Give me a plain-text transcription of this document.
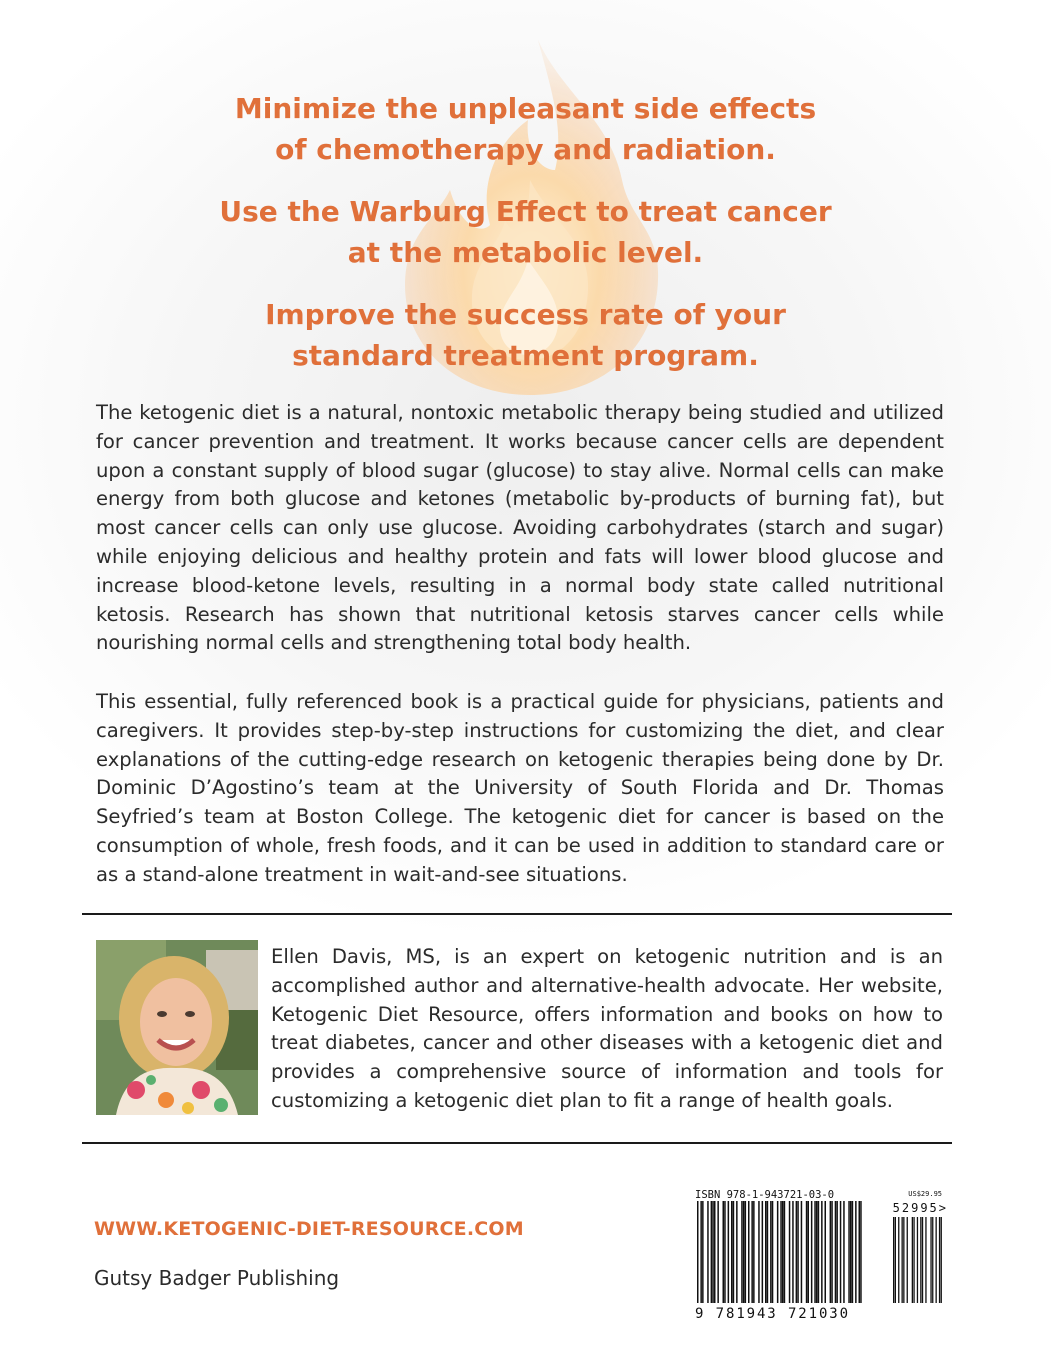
Minimize the unpleasant side effects
of chemotherapy and radiation.
Use the Warburg Effect to treat cancer
at the metabolic level.
Improve the success rate of your
standard treatment program.

The ketogenic diet is a natural, nontoxic metabolic therapy being studied and utilized for cancer prevention and treatment. It works because cancer cells are dependent upon a constant supply of blood sugar (glucose) to stay alive. Normal cells can make energy from both glucose and ketones (metabolic by-products of burning fat), but most cancer cells can only use glucose. Avoiding carbohydrates (starch and sugar) while enjoying delicious and healthy protein and fats will lower blood glucose and increase blood-ketone levels, resulting in a normal body state called nutritional ketosis. Research has shown that nutritional ketosis starves cancer cells while nourishing normal cells and strengthening total body health.

This essential, fully referenced book is a practical guide for physicians, patients and caregivers. It provides step-by-step instructions for customizing the diet, and clear explanations of the cutting-edge research on ketogenic therapies being done by Dr. Dominic D’Agostino’s team at the University of South Florida and Dr. Thomas Seyfried’s team at Boston College. The ketogenic diet for cancer is based on the consumption of whole, fresh foods, and it can be used in addition to standard care or as a stand-alone treatment in wait-and-see situations.

Ellen Davis, MS, is an expert on ketogenic nutrition and is an accomplished author and alternative-health advocate. Her website, Ketogenic Diet Resource, offers information and books on how to treat diabetes, cancer and other diseases with a ketogenic diet and provides a comprehensive source of information and tools for customizing a ketogenic diet plan to fit a range of health goals.

WWW.KETOGENIC-DIET-RESOURCE.COM
Gutsy Badger Publishing
ISBN 978-1-943721-03-0	US$29.95
52995>
9 781943 721030
